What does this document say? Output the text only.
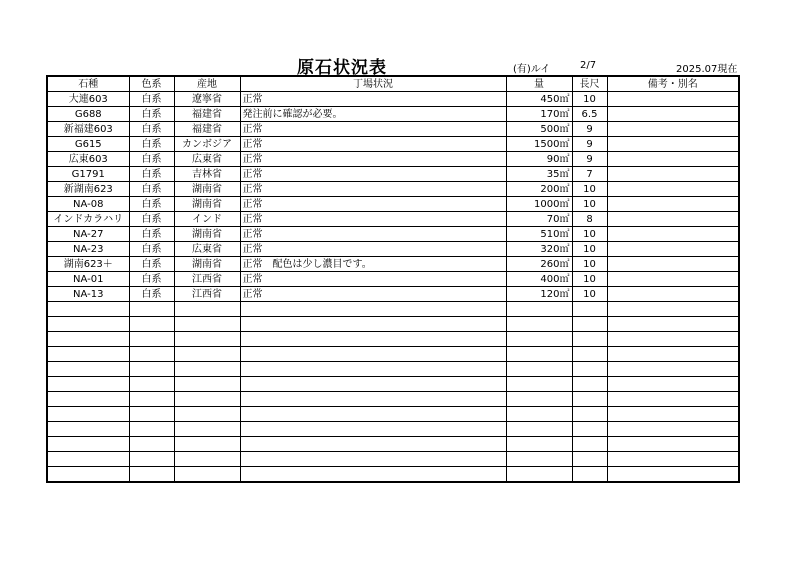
原石状況表	(有)ルイ	2/7	2025.07現在
石種	色系	産地	丁場状況	量	長尺	備考・別名
大連603	白系	遼寧省	正常	450㎡	10	
G688	白系	福建省	発注前に確認が必要。	170㎡	6.5	
新福建603	白系	福建省	正常	500㎡	9	
G615	白系	カンボジア	正常	1500㎡	9	
広東603	白系	広東省	正常	90㎡	9	
G1791	白系	吉林省	正常	35㎡	7	
新湖南623	白系	湖南省	正常	200㎡	10	
NA-08	白系	湖南省	正常	1000㎡	10	
インドカラハリ	白系	インド	正常	70㎡	8	
NA-27	白系	湖南省	正常	510㎡	10	
NA-23	白系	広東省	正常	320㎡	10	
湖南623＋	白系	湖南省	正常　配色は少し濃目です。	260㎡	10	
NA-01	白系	江西省	正常	400㎡	10	
NA-13	白系	江西省	正常	120㎡	10	
